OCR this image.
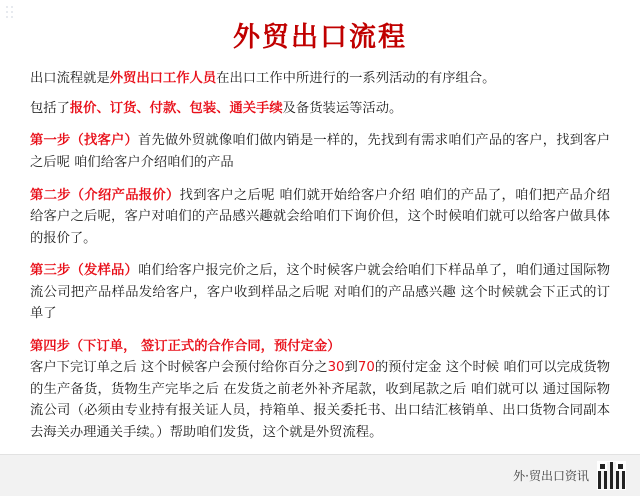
外贸出口流程

出口流程就是外贸出口工作人员在出口工作中所进行的一系列活动的有序组合。

包括了报价、订货、付款、包装、通关手续及备货装运等活动。

第一步（找客户）首先做外贸就像咱们做内销是一样的，先找到有需求咱们产品的客户，找到客户之后呢 咱们给客户介绍咱们的产品

第二步（介绍产品报价）找到客户之后呢 咱们就开始给客户介绍 咱们的产品了，咱们把产品介绍给客户之后呢，客户对咱们的产品感兴趣就会给咱们下询价但，这个时候咱们就可以给客户做具体的报价了。

第三步（发样品）咱们给客户报完价之后，这个时候客户就会给咱们下样品单了，咱们通过国际物流公司把产品样品发给客户，客户收到样品之后呢 对咱们的产品感兴趣 这个时候就会下正式的订单了

第四步（下订单， 签订正式的合作合同，预付定金）
客户下完订单之后 这个时候客户会预付给你百分之30到70的预付定金 这个时候 咱们可以完成货物的生产备货，货物生产完毕之后 在发货之前老外补齐尾款，收到尾款之后 咱们就可以 通过国际物流公司（必须由专业持有报关证人员，持箱单、报关委托书、出口结汇核销单、出口货物合同副本 去海关办理通关手续。）帮助咱们发货，这个就是外贸流程。

外·贸出口资讯
